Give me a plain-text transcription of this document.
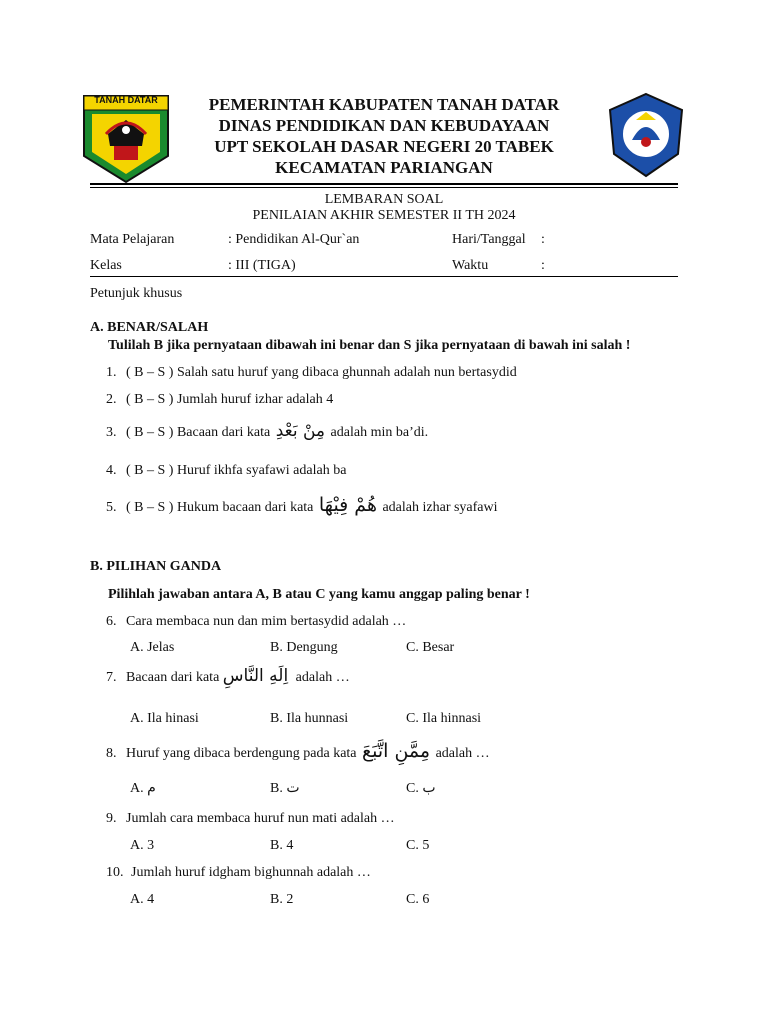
TANAH DATAR	PEMERINTAH KABUPATEN TANAH DATAR
DINAS PENDIDIKAN DAN KEBUDAYAAN
UPT SEKOLAH DASAR NEGERI 20 TABEK
KECAMATAN PARIANGAN
LEMBARAN SOAL
PENILAIAN AKHIR SEMESTER II TH 2024
Mata Pelajaran	: Pendidikan Al-Qur`an	Hari/Tanggal :
Kelas	: III (TIGA)	Waktu	:
Petunjuk khusus
A. BENAR/SALAH
Tulilah B jika pernyataan dibawah ini benar dan S jika pernyataan di bawah ini salah !
1. ( B – S ) Salah satu huruf yang dibaca ghunnah adalah nun bertasydid
2. ( B – S ) Jumlah huruf izhar adalah 4
3. ( B – S ) Bacaan dari kata مِنْ بَعْدِ adalah min ba’di.
4. ( B – S ) Huruf ikhfa syafawi adalah ba
5. ( B – S ) Hukum bacaan dari kata هُمْ فِيْهَا adalah izhar syafawi
B. PILIHAN GANDA
Pilihlah jawaban antara A, B atau C yang kamu anggap paling benar !
6. Cara membaca nun dan mim bertasydid adalah …
A. Jelas	B. Dengung	C. Besar
7. Bacaan dari kata اِلَهِ النَّاسِ adalah …
A. Ila hinasi	B. Ila hunnasi	C. Ila hinnasi
8. Huruf yang dibaca berdengung pada kata مِمَّنِ اتَّبَعَ adalah …
A. م	B. ت	C. ب
9. Jumlah cara membaca huruf nun mati adalah …
A. 3	B. 4	C. 5
10. Jumlah huruf idgham bighunnah adalah …
A. 4	B. 2	C. 6
